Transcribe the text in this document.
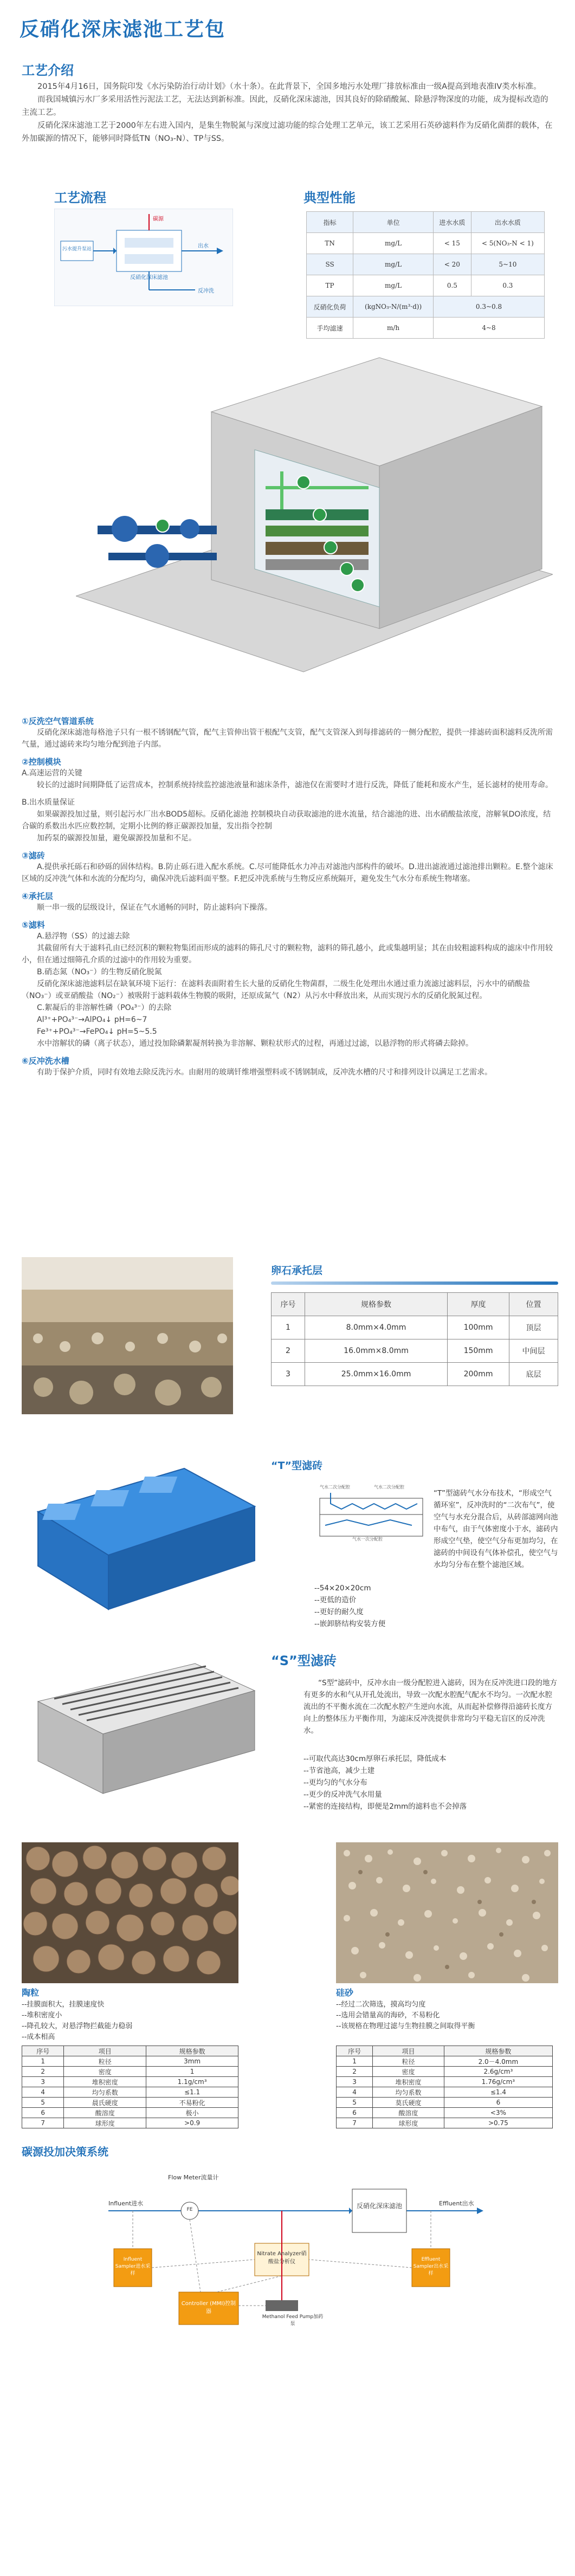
反硝化深床滤池工艺包
工艺介绍

2015年4月16日，国务院印发《水污染防治行动计划》（水十条）。在此背景下，全国多地污水处理厂排放标准由一级A提高到地表准IV类水标准。

而我国城镇污水厂多采用活性污泥法工艺，无法达到新标准。因此，反硝化深床滤池，因其良好的除硝酸氮、除悬浮物深度的功能，成为提标改造的主流工艺。

反硝化深床滤池工艺于2000年左右进入国内，是集生物脱氮与深度过滤功能的综合处理工艺单元，该工艺采用石英砂滤料作为反硝化菌群的载体，在外加碳源的情况下，能够同时降低TN（NO₃-N）、TP与SS。

工艺流程
污水提升泵站
反硝化深床滤池
碳源
出水
反冲洗
典型性能
指标	单位	进水水质	出水水质
TN	mg/L	< 15	< 5(NO₃-N < 1)
SS	mg/L	< 20	5~10
TP	mg/L	0.5	0.3
反硝化负荷	(kgNO₃-N/(m³·d))	0.3~0.8	
手均滤速	m/h	4~8	
①反洗空气管道系统

反硝化深床滤池每格池子只有一根不锈钢配气管，配气主管伸出管干根配气支管，配气支管深入到每排滤砖的一侧分配腔，提供一排滤砖面积滤料反洗所需气量，通过滤砖来均匀地分配到池子内部。

②控制模块

A.高速运营的关键

较长的过滤时间期降低了运营成本，控制系统持续监控滤池液量和滤床条件，滤池仅在需要时才进行反洗，降低了能耗和废水产生，延长滤材的使用寿命。

B.出水质量保证

如果碳源投加过量，则引起污水厂出水BOD5超标。反硝化滤池 控制模块自动获取滤池的进水流量，结合滤池的进、出水硝酸盐浓度，溶解氧DO浓度，结合碳的系数出水匹应数控制，定期小比例的修正碳源投加量，发出指令控制

加药泵的碳源投加量，避免碳源投加量和不足。

③滤砖

A.提供承托砾石和砂砾的固体结构。B.防止砾石进入配水系统。C.尽可能降低水力冲击对滤池内部构件的破坏。D.进出滤液通过滤池排出颗粒。E.整个滤床区域的反冲洗气体和水流的分配均匀，确保冲洗后滤料面平整。F.把反冲洗系统与生物反应系统隔开，避免发生气水分布系统生物堵塞。

④承托层

顺一串一级的层级设计，保证在气水通畅的同时，防止滤料向下操落。

⑤滤料

A.悬浮物（SS）的过滤去除

其截留所有大于滤料孔由已经沉积的颗粒物集团而形成的滤料的筛孔尺寸的颗粒物，滤料的筛孔越小，此或集越明显；其在由较粗滤料构成的滤床中作用较小，但在通过细筛孔介质的过滤中的作用较为重要。

B.硝态氮（NO₃⁻）的生物反硝化脱氮

反硝化深床滤池滤料层在缺氧环境下运行：在滤料表面附着生长大量的反硝化生物菌群，二级生化处理出水通过重力流滤过滤料层，污水中的硝酸盐（NO₃⁻）或亚硝酸盐（NO₂⁻）被吸附于滤料载体生物膜的吸附，还原成氮气（N2）从污水中释放出来，从而实现污水的反硝化脱氮过程。

C.絮凝后的非溶解性磷（PO₄³⁻）的去除

Al³⁺+PO₄³⁻→AlPO₄↓ pH=6~7

Fe³⁺+PO₄³⁻→FePO₄↓ pH=5~5.5

水中溶解状的磷（离子状态），通过投加除磷絮凝剂转换为非溶解、颗粒状形式的过程，再通过过滤，以悬浮物的形式将磷去除掉。

⑥反冲洗水槽

有助于保护介质，同时有效地去除反洗污水。由耐用的玻璃钎维增强塑料或不锈钢制成，反冲洗水槽的尺寸和排列设计以满足工艺需求。

卵石承托层
序号	规格参数	厚度	位置
1	8.0mm×4.0mm	100mm	顶层
2	16.0mm×8.0mm	150mm	中间层
3	25.0mm×16.0mm	200mm	底层
“T”型滤砖
气水二次分配腔	气水二次分配腔
气水一次分配腔
“T”型滤砖气水分布技术，“形成空气循环室”，反冲洗时的“二次布气”，使空气与水充分混合后，从砖部滤网向池中布气，由于气体密度小于水，滤砖内形成空气垫，使空气分布更加均匀，在滤砖的中间设有气体补偿孔，使空气与水均匀分布在整个滤池区域。
--54×20×20cm
--更低的造价
--更好的耐久度
--嵌卸脐结构安装方便
“S”型滤砖
“S型”滤砖中，反冲水由一级分配腔进入滤砖，因为在反冲洗进口段的地方有更多的水和气从开孔处流出，导致一次配水腔配气配水不均匀。一次配水腔流出的不平衡水流在二次配水腔产生逆向水流，从而起补偿修得沿滤砖长度方向上的整体压力平衡作用，为滤床反冲洗提供非常均匀平稳无盲区的反冲洗水。
--可取代高达30cm厚卵石承托层，降低成本
--节省池高，减少土建
--更均匀的气水分布
--更少的反冲洗气水用量
--紧密的连接结构，即便是2mm的滤料也不会掉落
陶粒
--挂膜面积大，挂膜速度快
--堆积密度小
--降孔较大，对悬浮物拦截能力稳弱
--成本相高
序号	项目	规格参数
1	粒径	3mm
2	密度	1
3	堆积密度	1.1g/cm³
4	均匀系数	≤1.1
5	晨氏硬度	不易粉化
6	酸溶度	极小
7	球形度	>0.9
硅砂
--经过二次筛选，摸高均匀度
--选用会错量高的海砂，不易粉化
--该规格在物理过滤与生物挂膜之间取得平衡
序号	项目	规格参数
1	粒径	2.0－4.0mm
2	密度	2.6g/cm³
3	堆积密度	1.76g/cm³
4	均匀系数	≤1.4
5	莫氏硬度	6
6	酸溶度	<3%
7	球形度	>0.75
碳源投加决策系统
Flow Meter流量计
Influent进水	Effluent出水
反硝化深床滤池
FE
Influent Sampler进水采样
Effluent Sampler出水采样
Nitrate Analyzer硝酸盐分析仪
Controller (MMI)控制器
Methanol Feed Pump加药泵
